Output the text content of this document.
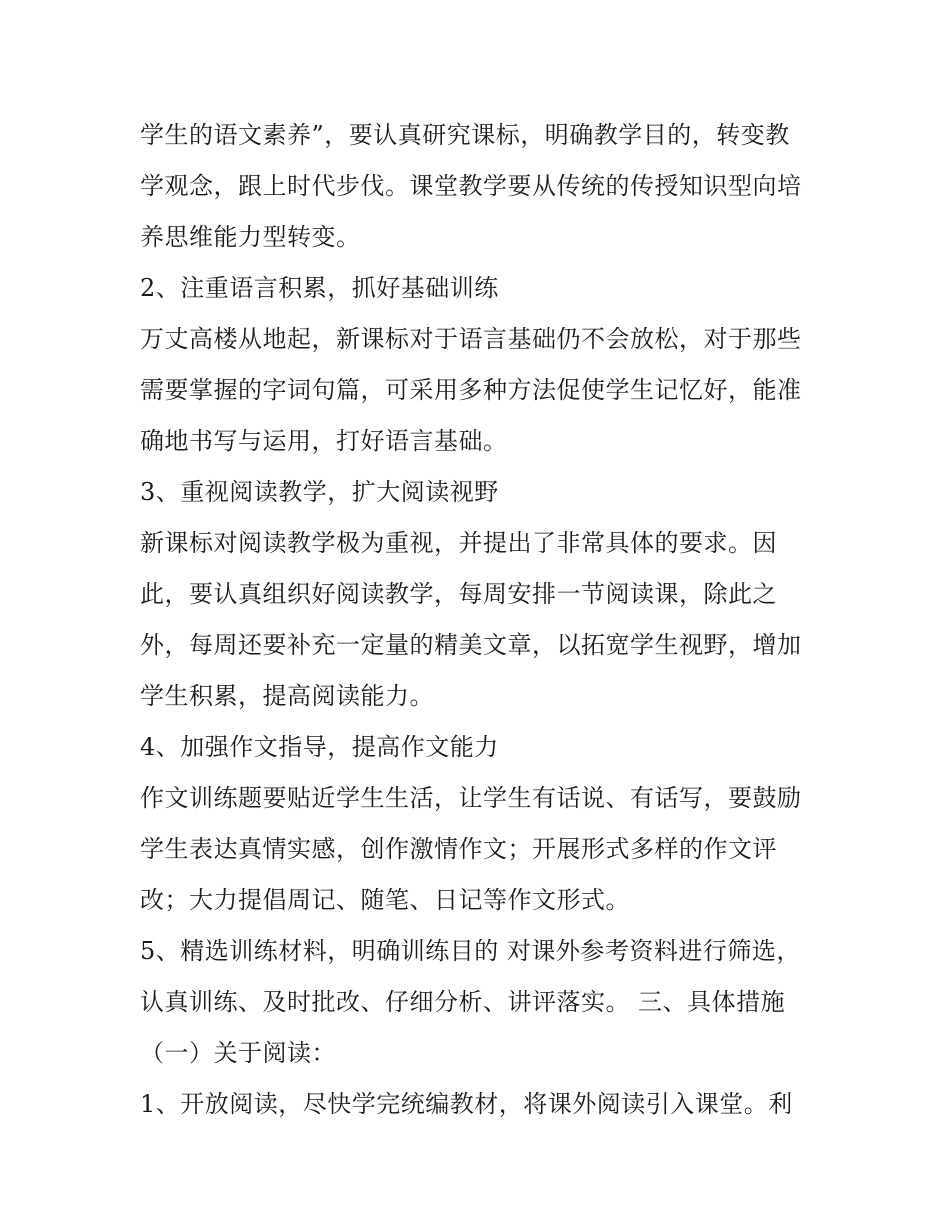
学生的语文素养”，要认真研究课标，明确教学目的，转变教
学观念，跟上时代步伐。课堂教学要从传统的传授知识型向培
养思维能力型转变。
2、注重语言积累，抓好基础训练
万丈高楼从地起，新课标对于语言基础仍不会放松，对于那些
需要掌握的字词句篇，可采用多种方法促使学生记忆好，能准
确地书写与运用，打好语言基础。
3、重视阅读教学，扩大阅读视野
新课标对阅读教学极为重视，并提出了非常具体的要求。因
此，要认真组织好阅读教学，每周安排一节阅读课，除此之
外，每周还要补充一定量的精美文章，以拓宽学生视野，增加
学生积累，提高阅读能力。
4、加强作文指导，提高作文能力
作文训练题要贴近学生生活，让学生有话说、有话写，要鼓励
学生表达真情实感，创作激情作文；开展形式多样的作文评
改；大力提倡周记、随笔、日记等作文形式。
5、精选训练材料，明确训练目的 对课外参考资料进行筛选，
认真训练、及时批改、仔细分析、讲评落实。 三、具体措施
（一）关于阅读：
1、开放阅读，尽快学完统编教材，将课外阅读引入课堂。利
